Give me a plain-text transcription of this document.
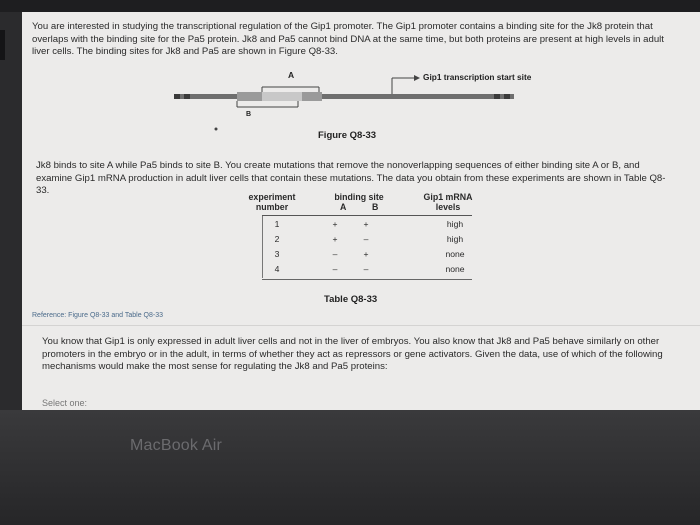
You are interested in studying the transcriptional regulation of the Gip1 promoter. The Gip1 promoter contains a binding site for the Jk8 protein that overlaps with the binding site for the Pa5 protein. Jk8 and Pa5 cannot bind DNA at the same time, but both proteins are present at high levels in adult liver cells. The binding sites for Jk8 and Pa5 are shown in Figure Q8-33.

A
B
Gip1 transcription start site
Figure Q8-33

Jk8 binds to site A while Pa5 binds to site B. You create mutations that remove the nonoverlapping sequences of either binding site A or B, and examine Gip1 mRNA production in adult liver cells that contain these mutations. The data you obtain from these experiments are shown in Table Q8-33.

experiment
number
binding site
A	B
Gip1 mRNA
levels
1	+	+	high
2	+	–	high
3	–	+	none
4	–	–	none
Table Q8-33
Reference: Figure Q8-33 and Table Q8-33

You know that Gip1 is only expressed in adult liver cells and not in the liver of embryos. You also know that Jk8 and Pa5 behave similarly on other promoters in the embryo or in the adult, in terms of whether they act as repressors or gene activators. Given the data, use of which of the following mechanisms would make the most sense for regulating the Jk8 and Pa5 proteins:

Select one:
MacBook Air
